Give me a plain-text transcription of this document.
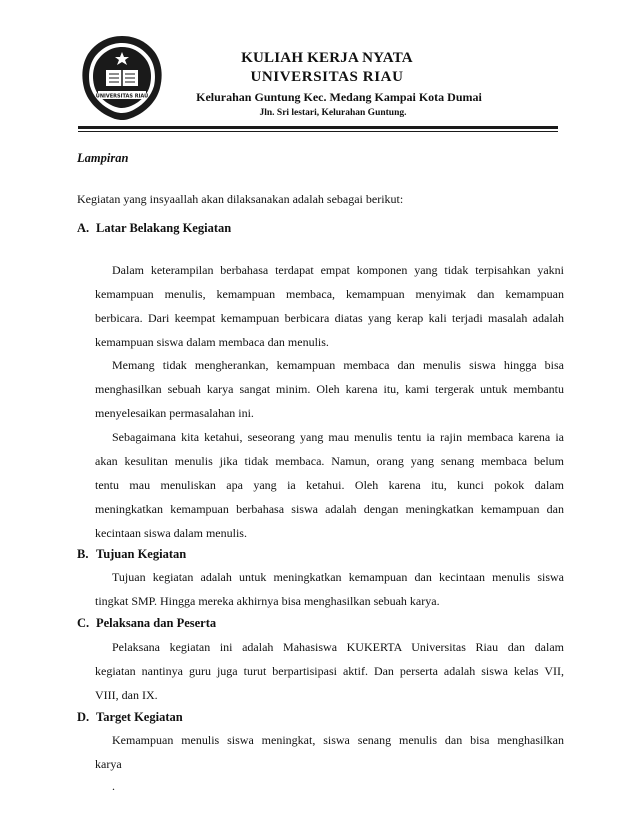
UNIVERSITAS RIAU
KULIAH KERJA NYATA
UNIVERSITAS RIAU
Kelurahan Guntung Kec. Medang Kampai Kota Dumai
Jln. Sri lestari, Kelurahan Guntung.
Lampiran
Kegiatan yang insyaallah akan dilaksanakan adalah sebagai berikut:
A. Latar Belakang Kegiatan
Dalam keterampilan berbahasa terdapat empat komponen yang tidak terpisahkan yakni
kemampuan menulis, kemampuan membaca, kemampuan menyimak dan kemampuan
berbicara. Dari keempat kemampuan berbicara diatas yang kerap kali terjadi masalah adalah
kemampuan siswa dalam membaca dan menulis.
Memang tidak mengherankan, kemampuan membaca dan menulis siswa hingga bisa
menghasilkan sebuah karya sangat minim. Oleh karena itu, kami tergerak untuk membantu
menyelesaikan permasalahan ini.
Sebagaimana kita ketahui, seseorang yang mau menulis tentu ia rajin membaca karena ia
akan kesulitan menulis jika tidak membaca. Namun, orang yang senang membaca belum
tentu mau menuliskan apa yang ia ketahui. Oleh karena itu, kunci pokok dalam
meningkatkan kemampuan berbahasa siswa adalah dengan meningkatkan kemampuan dan
kecintaan siswa dalam menulis.
B. Tujuan Kegiatan
Tujuan kegiatan adalah untuk meningkatkan kemampuan dan kecintaan menulis siswa
tingkat SMP. Hingga mereka akhirnya bisa menghasilkan sebuah karya.
C. Pelaksana dan Peserta
Pelaksana kegiatan ini adalah Mahasiswa KUKERTA Universitas Riau dan dalam
kegiatan nantinya guru juga turut berpartisipasi aktif. Dan perserta adalah siswa kelas VII,
VIII, dan IX.
D. Target Kegiatan
Kemampuan menulis siswa meningkat, siswa senang menulis dan bisa menghasilkan
karya
.
